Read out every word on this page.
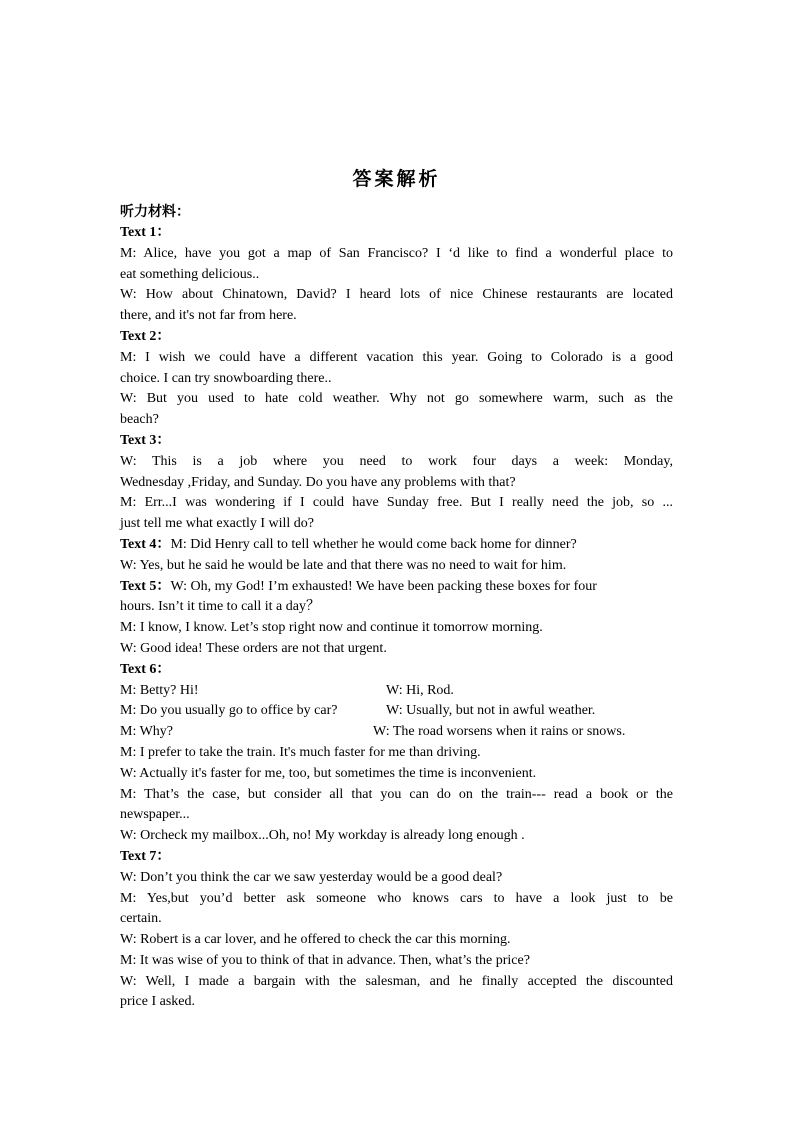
答案解析
听力材料：
Text 1：
M: Alice, have you got a map of San Francisco? I ‘d like to find a wonderful place to
eat something delicious..
W: How about Chinatown, David? I heard lots of nice Chinese restaurants are located
there, and it's not far from here.
Text 2：
M: I wish we could have a different vacation this year. Going to Colorado is a good
choice. I can try snowboarding there..
W: But you used to hate cold weather. Why not go somewhere warm, such as the
beach?
Text 3：
W: This is a job where you need to work four days a week: Monday,
Wednesday ,Friday, and Sunday. Do you have any problems with that?
M: Err...I was wondering if I could have Sunday free. But I really need the job, so ...
just tell me what exactly I will do?
Text 4：M: Did Henry call to tell whether he would come back home for dinner?
W: Yes, but he said he would be late and that there was no need to wait for him.
Text 5：W: Oh, my God! I’m exhausted! We have been packing these boxes for four
hours. Isn’t it time to call it a day？
M: I know, I know. Let’s stop right now and continue it tomorrow morning.
W: Good idea! These orders are not that urgent.
Text 6：
M: Betty? Hi!	W: Hi, Rod.
M: Do you usually go to office by car?	W: Usually, but not in awful weather.
M: Why?	W: The road worsens when it rains or snows.
M: I prefer to take the train. It's much faster for me than driving.
W: Actually it's faster for me, too, but sometimes the time is inconvenient.
M: That’s the case, but consider all that you can do on the train--- read a book or the
newspaper...
W: Orcheck my mailbox...Oh, no! My workday is already long enough .
Text 7：
W: Don’t you think the car we saw yesterday would be a good deal?
M: Yes,but you’d better ask someone who knows cars to have a look just to be
certain.
W: Robert is a car lover, and he offered to check the car this morning.
M: It was wise of you to think of that in advance. Then, what’s the price?
W: Well, I made a bargain with the salesman, and he finally accepted the discounted
price I asked.
